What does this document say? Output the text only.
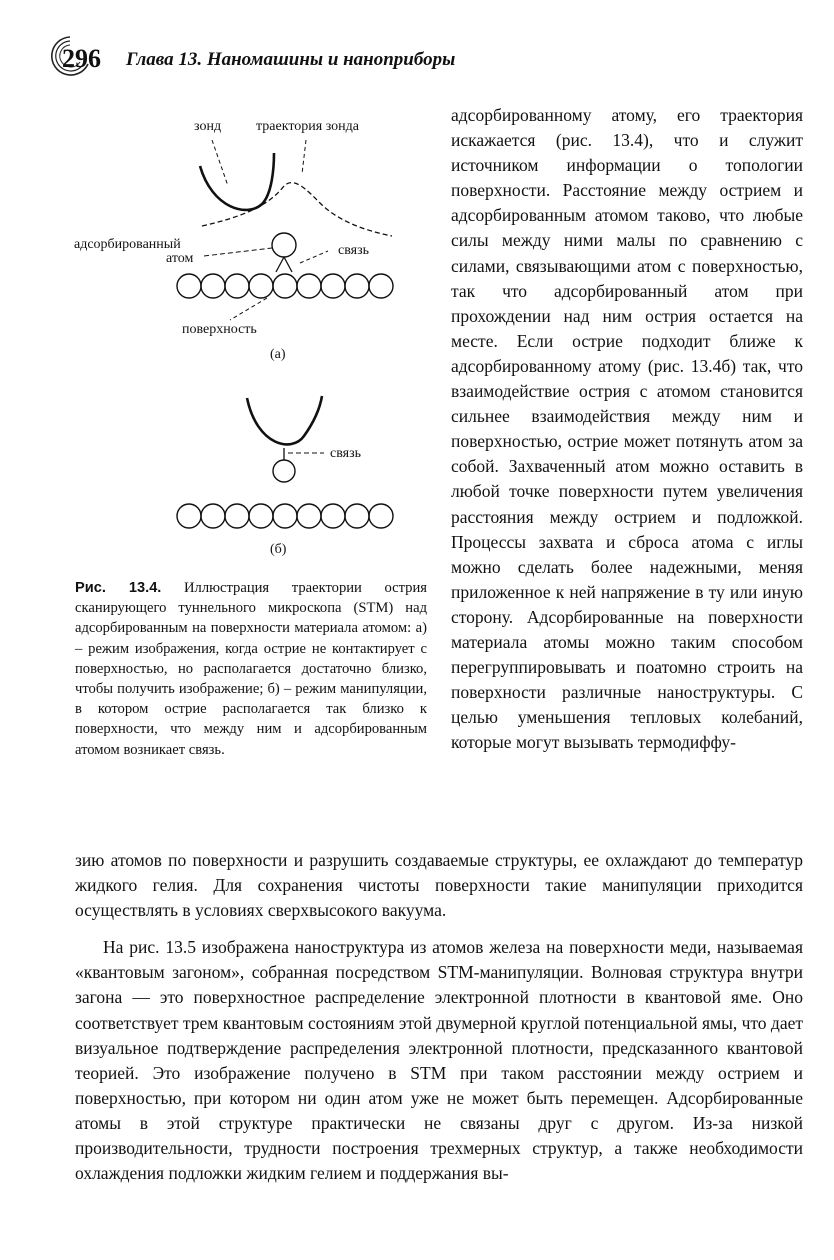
296 Глава 13. Наномашины и наноприборы
зонд траектория зонда
адсорбированный
атом
связь
поверхность
(а)
связь
(б)
Рис. 13.4. Иллюстрация траектории острия сканирующего туннельного микроскопа (STM) над адсорбированным на поверхности материала атомом: а) – режим изображения, когда острие не контактирует с поверхностью, но располагается достаточно близко, чтобы получить изображение; б) – режим манипуляции, в котором острие располагается так близко к поверхности, что между ним и адсорбированным атомом возникает связь.

адсорбированному атому, его траектория искажается (рис. 13.4), что и служит источником информации о топологии поверхности. Расстояние между острием и адсорбированным атомом таково, что любые силы между ними малы по сравнению с силами, связывающими атом с поверхностью, так что адсорбированный атом при прохождении над ним острия остается на месте. Если острие подходит ближе к адсорбированному атому (рис. 13.4б) так, что взаимодействие острия с атомом становится сильнее взаимодействия между ним и поверхностью, острие может потянуть атом за собой. Захваченный атом можно оставить в любой точке поверхности путем увеличения расстояния между острием и подложкой. Процессы захвата и сброса атома с иглы можно сделать более надежными, меняя приложенное к ней напряжение в ту или иную сторону. Адсорбированные на поверхности материала атомы можно таким способом перегруппировывать и поатомно строить на поверхности различные наноструктуры. С целью уменьшения тепловых колебаний, которые могут вызывать термодиффу-

зию атомов по поверхности и разрушить создаваемые структуры, ее охлаждают до температур жидкого гелия. Для сохранения чистоты поверхности такие манипуляции приходится осуществлять в условиях сверхвысокого вакуума.

На рис. 13.5 изображена наноструктура из атомов железа на поверхности меди, называемая «квантовым загоном», собранная посредством STM-манипуляции. Волновая структура внутри загона — это поверхностное распределение электронной плотности в квантовой яме. Оно соответствует трем квантовым состояниям этой двумерной круглой потенциальной ямы, что дает визуальное подтверждение распределения электронной плотности, предсказанного квантовой теорией. Это изображение получено в STM при таком расстоянии между острием и поверхностью, при котором ни один атом уже не может быть перемещен. Адсорбированные атомы в этой структуре практически не связаны друг с другом. Из-за низкой производительности, трудности построения трехмерных структур, а также необходимости охлаждения подложки жидким гелием и поддержания вы-
